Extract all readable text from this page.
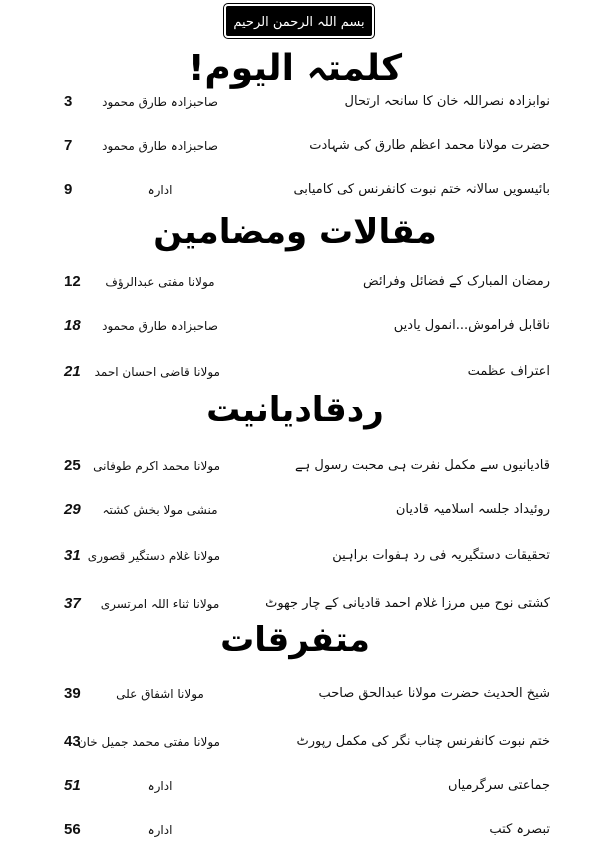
بسم اللہ الرحمن الرحیم
کلمتہ الیوم!
نوابزادہ نصراللہ خان کا سانحہ ارتحال
صاحبزادہ طارق محمود
3
حضرت مولانا محمد اعظم طارق کی شہادت
صاحبزادہ طارق محمود
7
بائیسویں سالانہ ختم نبوت کانفرنس کی کامیابی
ادارہ
9
مقالات ومضامین
رمضان المبارک کے فضائل وفرائض
مولانا مفتی عبدالرؤف
12
ناقابل فراموش...انمول یادیں
صاحبزادہ طارق محمود
18
اعتراف عظمت
مولانا قاضی احسان احمد
21
ردقادیانیت
قادیانیوں سے مکمل نفرت ہی محبت رسول ہے
مولانا محمد اکرم طوفانی
25
روئیداد جلسہ اسلامیہ قادیان
منشی مولا بخش کشتہ
29
تحقیقات دستگیریہ فی رد ہفوات براہین
مولانا غلام دستگیر قصوری
31
کشتی نوح میں مرزا غلام احمد قادیانی کے چار جھوٹ
مولانا ثناء اللہ امرتسری
37
متفرقات
شیخ الحدیث حضرت مولانا عبدالحق صاحب
مولانا اشفاق علی
39
ختم نبوت کانفرنس چناب نگر کی مکمل رپورٹ
مولانا مفتی محمد جمیل خان
43
جماعتی سرگرمیاں
ادارہ
51
تبصرہ کتب
ادارہ
56
